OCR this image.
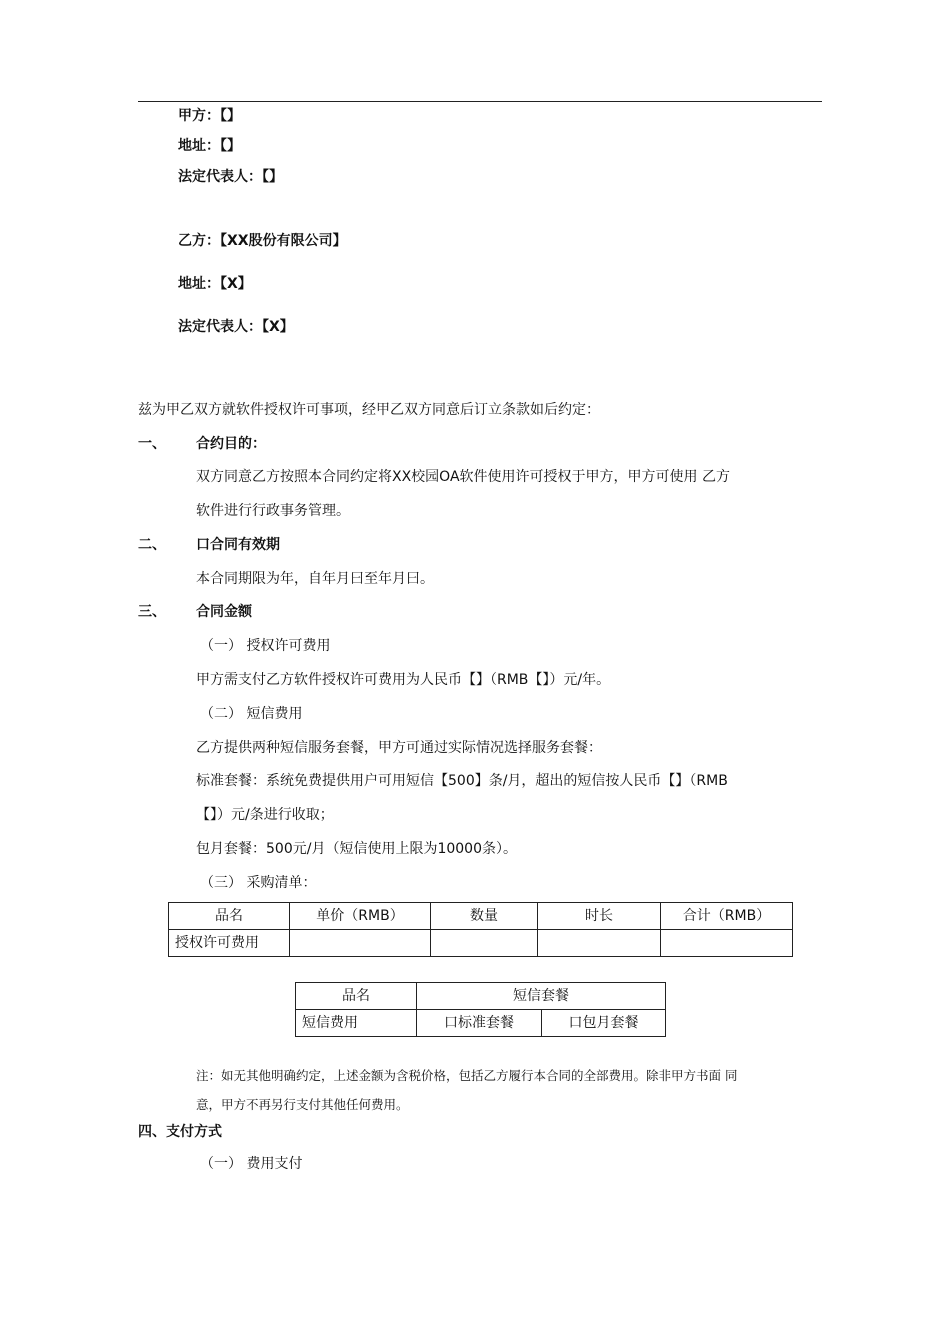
甲方：【】
地址：【】
法定代表人：【】
乙方：【XX股份有限公司】
地址：【X】
法定代表人：【X】
兹为甲乙双方就软件授权许可事项，经甲乙双方同意后订立条款如后约定：
一、 合约目的：
双方同意乙方按照本合同约定将XX校园OA软件使用许可授权于甲方，甲方可使用 乙方
软件进行行政事务管理。
二、 口合同有效期
本合同期限为年，自年月曰至年月曰。
三、 合同金额
（一） 授权许可费用
甲方需支付乙方软件授权许可费用为人民币【】（RMB【】）元/年。
（二） 短信费用
乙方提供两种短信服务套餐，甲方可通过实际情况选择服务套餐：
标准套餐：系统免费提供用户可用短信【500】条/月，超出的短信按人民币【】（RMB
【】）元/条进行收取；
包月套餐：500元/月（短信使用上限为10000条）。
（三） 采购清单：
品名	单价（RMB）	数量	时长	合计（RMB）
授权许可费用				
品名	短信套餐	
短信费用	口标准套餐	口包月套餐
注：如无其他明确约定，上述金额为含税价格，包括乙方履行本合同的全部费用。除非甲方书面 同
意，甲方不再另行支付其他任何费用。
四、支付方式
（一） 费用支付
